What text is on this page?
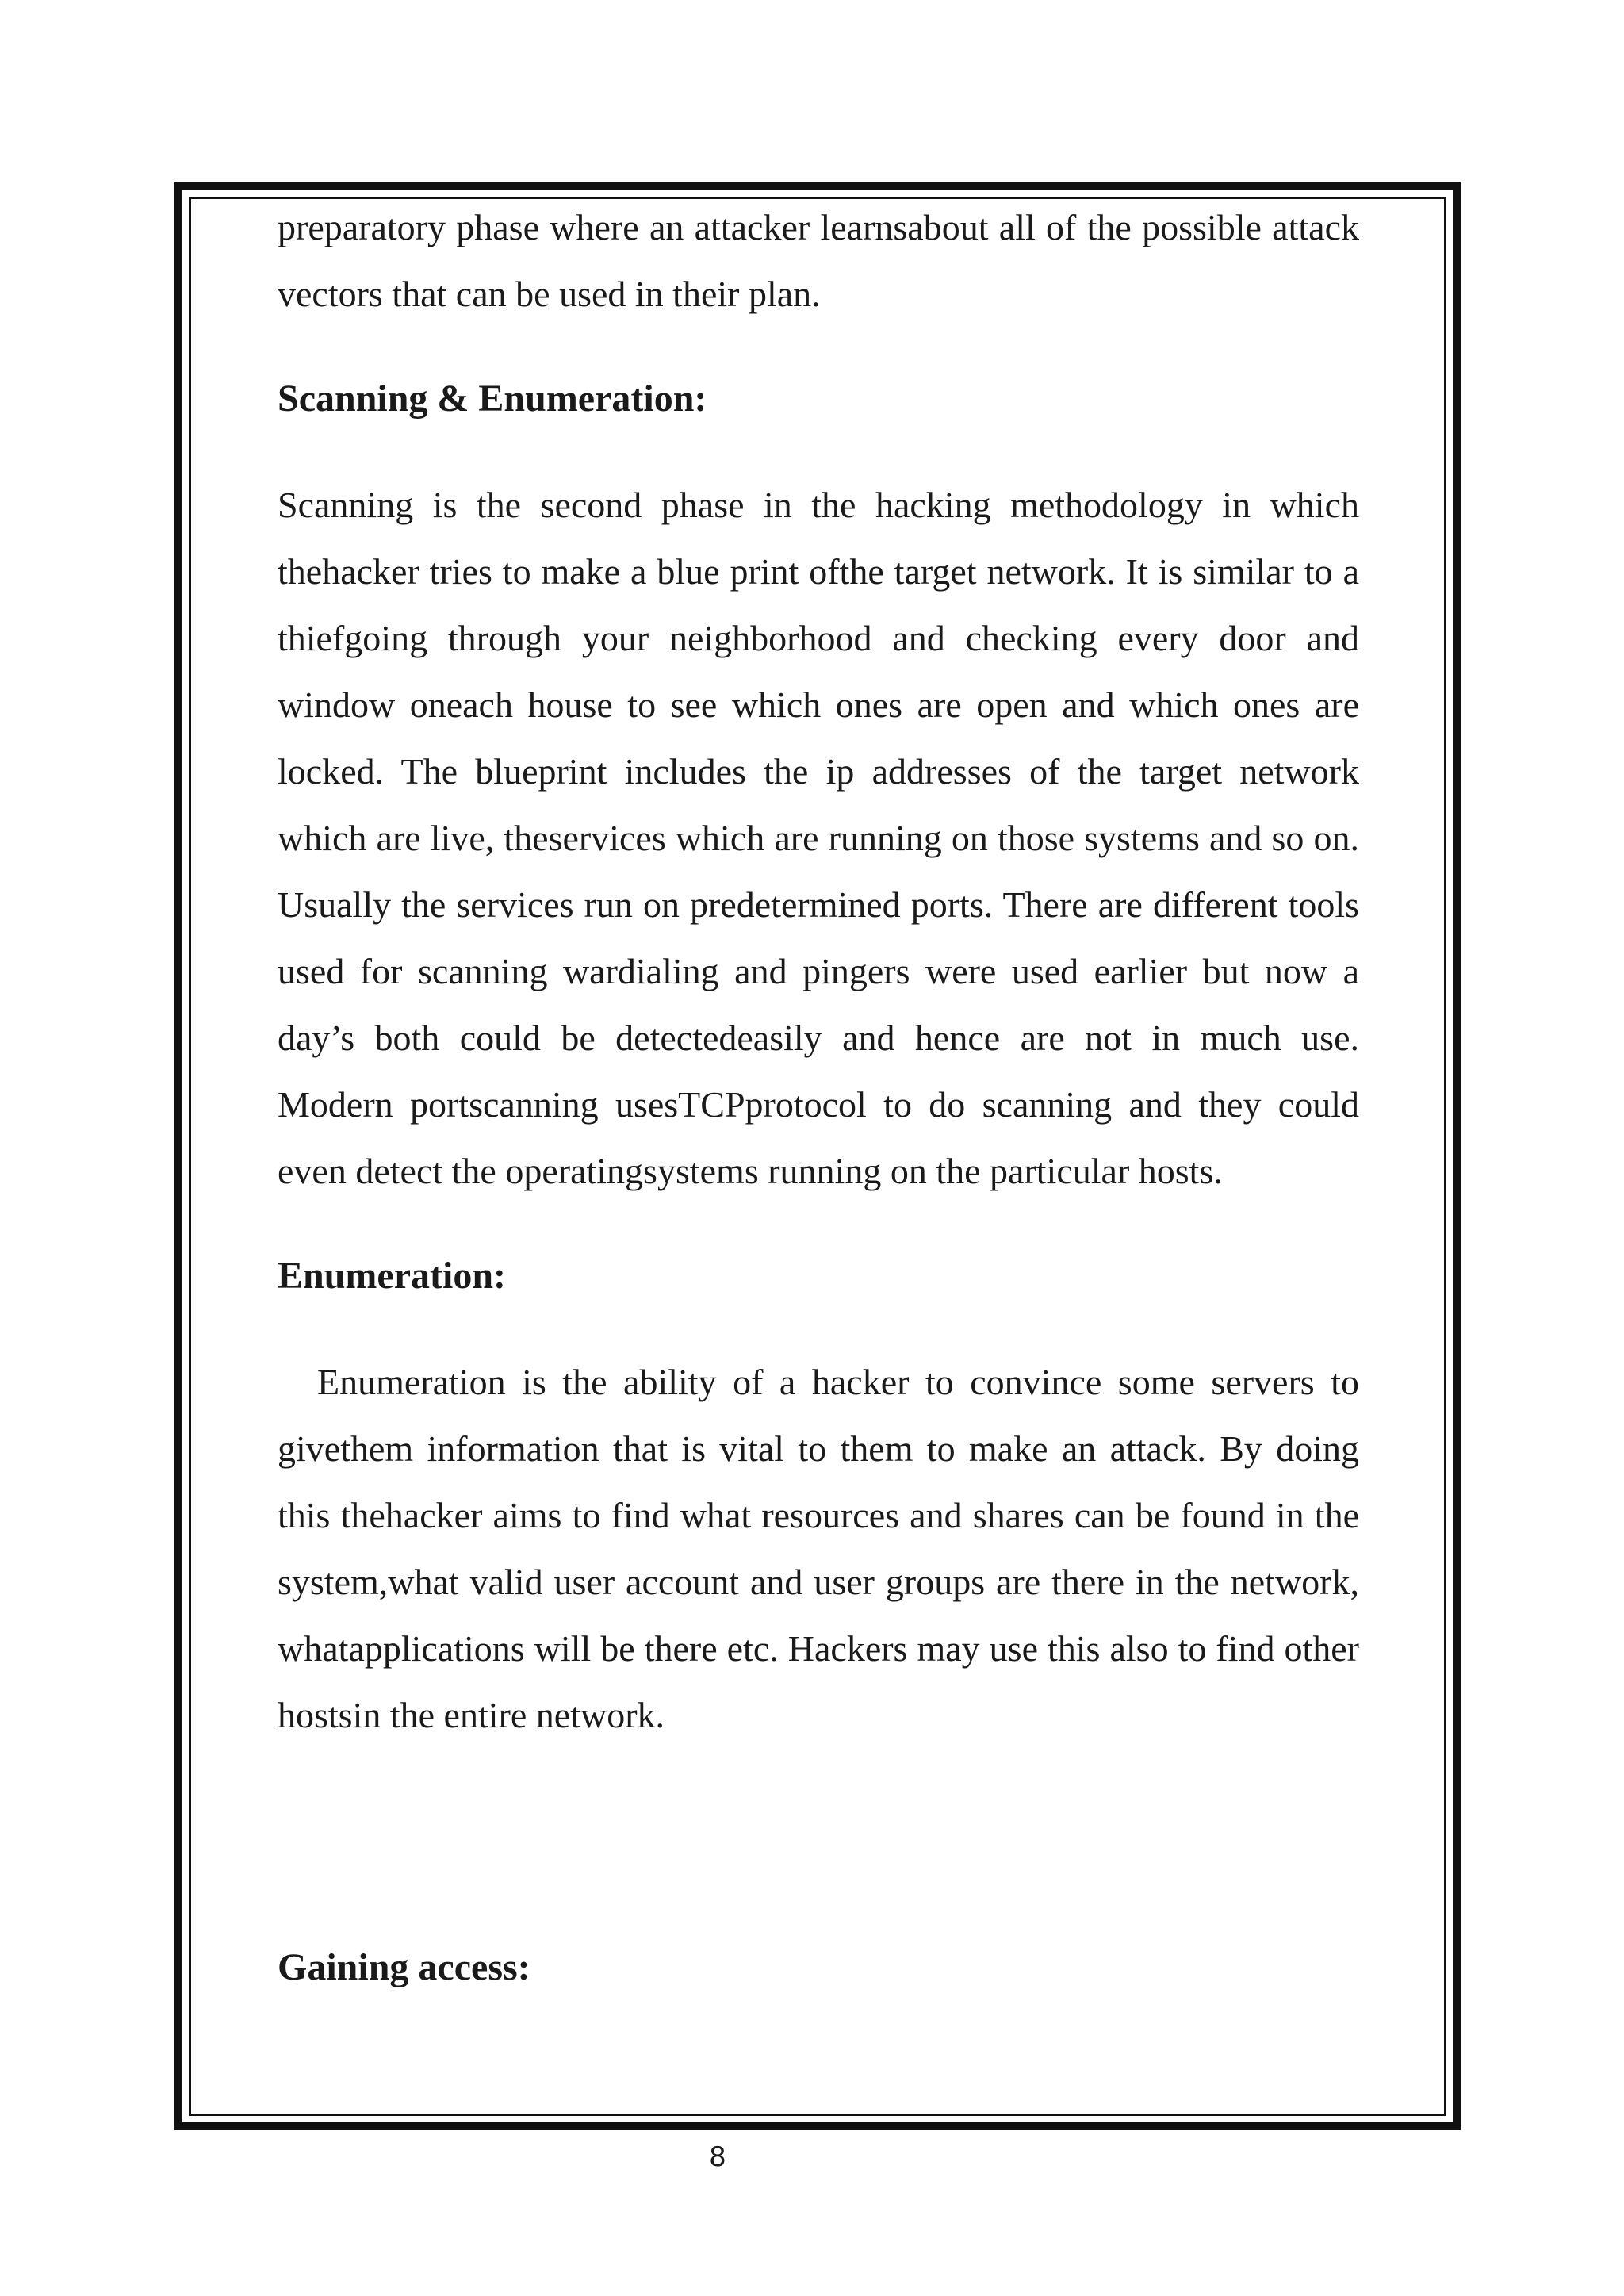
preparatory phase where an attacker learnsabout all of the possible attack vectors that can be used in their plan.

Scanning & Enumeration:

Scanning is the second phase in the hacking methodology in which thehacker tries to make a blue print ofthe target network. It is similar to a thiefgoing through your neighborhood and checking every door and window oneach house to see which ones are open and which ones are locked. The blueprint includes the ip addresses of the target network which are live, theservices which are running on those systems and so on. Usually the services run on predetermined ports. There are different tools used for scanning wardialing and pingers were used earlier but now a day’s both could be detectedeasily and hence are not in much use. Modern portscanning usesTCPprotocol to do scanning and they could even detect the operatingsystems running on the particular hosts.

Enumeration:

Enumeration is the ability of a hacker to convince some servers to givethem information that is vital to them to make an attack. By doing this thehacker aims to find what resources and shares can be found in the system,what valid user account and user groups are there in the network, whatapplications will be there etc. Hackers may use this also to find other hostsin the entire network.

Gaining access:
8
